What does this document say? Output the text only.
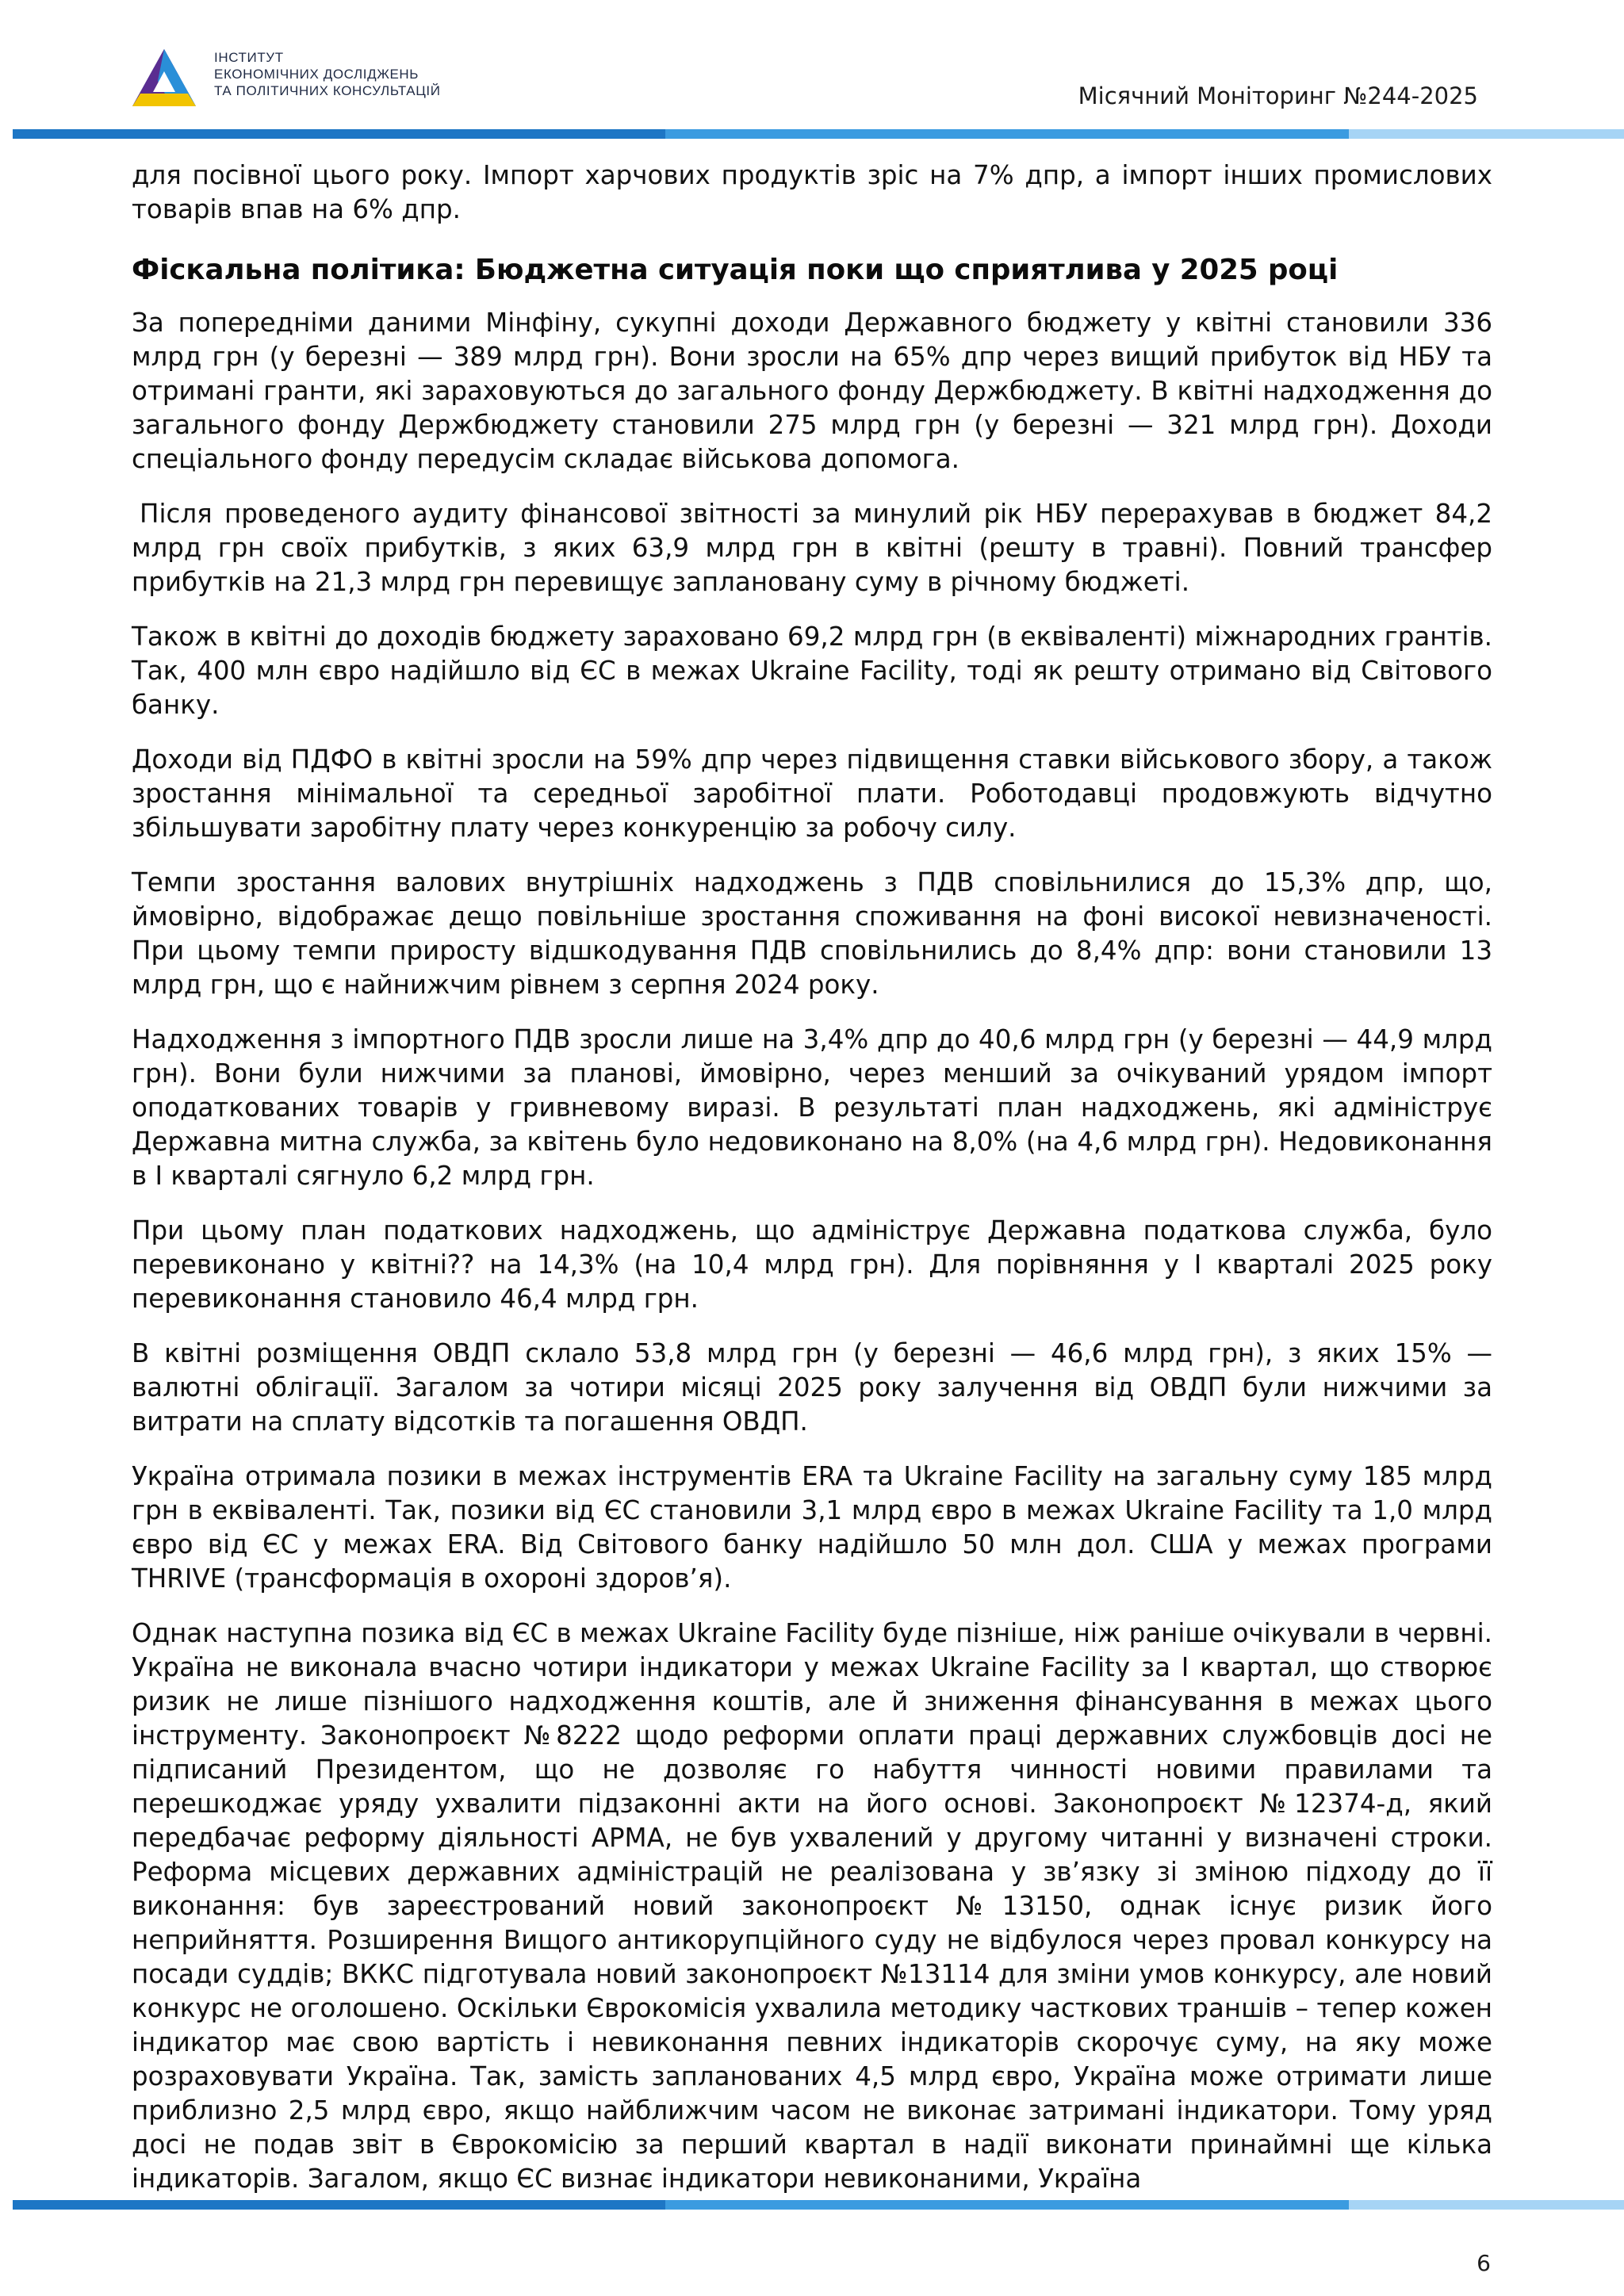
ІНСТИТУТ
ЕКОНОМІЧНИХ ДОСЛІДЖЕНЬ
ТА ПОЛІТИЧНИХ КОНСУЛЬТАЦІЙ	Місячний Моніторинг №244-2025

для посівної цього року. Імпорт харчових продуктів зріс на 7% дпр, а імпорт інших промислових товарів впав на 6% дпр.

Фіскальна політика: Бюджетна ситуація поки що сприятлива у 2025 році

За попередніми даними Мінфіну, сукупні доходи Державного бюджету у квітні становили 336 млрд грн (у березні — 389 млрд грн). Вони зросли на 65% дпр через вищий прибуток від НБУ та отримані гранти, які зараховуються до загального фонду Держбюджету. В квітні надходження до загального фонду Держбюджету становили 275 млрд грн (у березні — 321 млрд грн). Доходи спеціального фонду передусім складає військова допомога.

Після проведеного аудиту фінансової звітності за минулий рік НБУ перерахував в бюджет 84,2 млрд грн своїх прибутків, з яких 63,9 млрд грн в квітні (решту в травні). Повний трансфер прибутків на 21,3 млрд грн перевищує заплановану суму в річному бюджеті.

Також в квітні до доходів бюджету зараховано 69,2 млрд грн (в еквіваленті) міжнародних грантів. Так, 400 млн євро надійшло від ЄС в межах Ukraine Facility, тоді як решту отримано від Світового банку.

Доходи від ПДФО в квітні зросли на 59% дпр через підвищення ставки військового збору, а також зростання мінімальної та середньої заробітної плати. Роботодавці продовжують відчутно збільшувати заробітну плату через конкуренцію за робочу силу.

Темпи зростання валових внутрішніх надходжень з ПДВ сповільнилися до 15,3% дпр, що, ймовірно, відображає дещо повільніше зростання споживання на фоні високої невизначеності. При цьому темпи приросту відшкодування ПДВ сповільнились до 8,4% дпр: вони становили 13 млрд грн, що є найнижчим рівнем з серпня 2024 року.

Надходження з імпортного ПДВ зросли лише на 3,4% дпр до 40,6 млрд грн (у березні — 44,9 млрд грн). Вони були нижчими за планові, ймовірно, через менший за очікуваний урядом імпорт оподаткованих товарів у гривневому виразі. В результаті план надходжень, які адмініструє Державна митна служба, за квітень було недовиконано на 8,0% (на 4,6 млрд грн). Недовиконання в І кварталі сягнуло 6,2 млрд грн.

При цьому план податкових надходжень, що адмініструє Державна податкова служба, було перевиконано у квітні?? на 14,3% (на 10,4 млрд грн). Для порівняння у І кварталі 2025 року перевиконання становило 46,4 млрд грн.

В квітні розміщення ОВДП склало 53,8 млрд грн (у березні — 46,6 млрд грн), з яких 15% — валютні облігації. Загалом за чотири місяці 2025 року залучення від ОВДП були нижчими за витрати на сплату відсотків та погашення ОВДП.

Україна отримала позики в межах інструментів ERA та Ukraine Facility на загальну суму 185 млрд грн в еквіваленті. Так, позики від ЄС становили 3,1 млрд євро в межах Ukraine Facility та 1,0 млрд євро від ЄС у межах ERA. Від Світового банку надійшло 50 млн дол. США у межах програми THRIVE (трансформація в охороні здоров’я).

Однак наступна позика від ЄС в межах Ukraine Facility буде пізніше, ніж раніше очікували в червні. Україна не виконала вчасно чотири індикатори у межах Ukraine Facility за І квартал, що створює ризик не лише пізнішого надходження коштів, але й зниження фінансування в межах цього інструменту. Законопроєкт №8222 щодо реформи оплати праці державних службовців досі не підписаний Президентом, що не дозволяє го набуття чинності новими правилами та перешкоджає уряду ухвалити підзаконні акти на його основі. Законопроєкт №12374-д, який передбачає реформу діяльності АРМА, не був ухвалений у другому читанні у визначені строки. Реформа місцевих державних адміністрацій не реалізована у зв’язку зі зміною підходу до її виконання: був зареєстрований новий законопроєкт №13150, однак існує ризик його неприйняття. Розширення Вищого антикорупційного суду не відбулося через провал конкурсу на посади суддів; ВККС підготувала новий законопроєкт №13114 для зміни умов конкурсу, але новий конкурс не оголошено. Оскільки Єврокомісія ухвалила методику часткових траншів – тепер кожен індикатор має свою вартість і невиконання певних індикаторів скорочує суму, на яку може розраховувати Україна. Так, замість запланованих 4,5 млрд євро, Україна може отримати лише приблизно 2,5 млрд євро, якщо найближчим часом не виконає затримані індикатори. Тому уряд досі не подав звіт в Єврокомісію за перший квартал в надії виконати принаймні ще кілька індикаторів. Загалом, якщо ЄС визнає індикатори невиконаними, Україна

6
